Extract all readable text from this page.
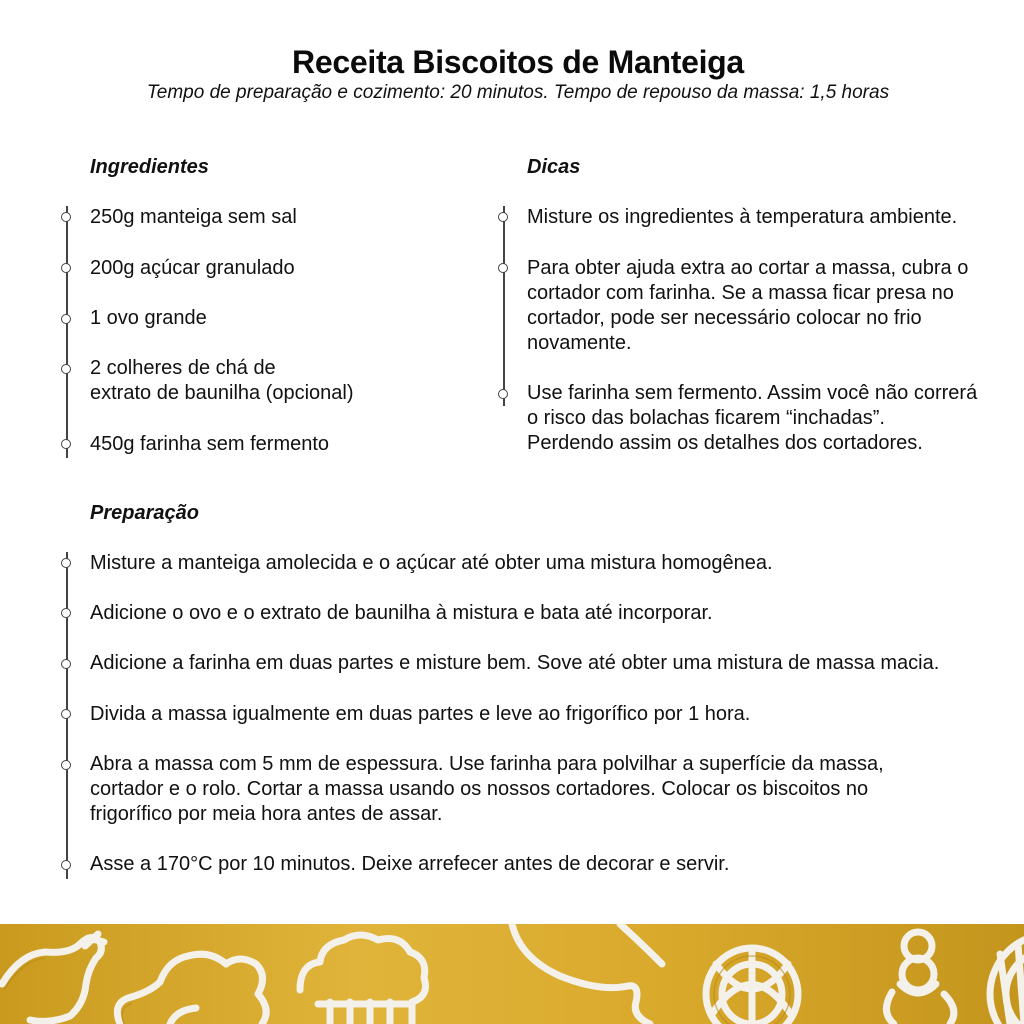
Receita Biscoitos de Manteiga
Tempo de preparação e cozimento: 20 minutos. Tempo de repouso da massa: 1,5 horas
Ingredientes
250g manteiga sem sal
200g açúcar granulado
1 ovo grande
2 colheres de chá de
extrato de baunilha (opcional)
450g farinha sem fermento
Dicas
Misture os ingredientes à temperatura ambiente.
Para obter ajuda extra ao cortar a massa, cubra o
cortador com farinha. Se a massa ficar presa no
cortador, pode ser necessário colocar no frio
novamente.
Use farinha sem fermento. Assim você não correrá
o risco das bolachas ficarem “inchadas”.
Perdendo assim os detalhes dos cortadores.
Preparação
Misture a manteiga amolecida e o açúcar até obter uma mistura homogênea.
Adicione o ovo e o extrato de baunilha à mistura e bata até incorporar.
Adicione a farinha em duas partes e misture bem. Sove até obter uma mistura de massa macia.
Divida a massa igualmente em duas partes e leve ao frigorífico por 1 hora.
Abra a massa com 5 mm de espessura. Use farinha para polvilhar a superfície da massa,
cortador e o rolo. Cortar a massa usando os nossos cortadores. Colocar os biscoitos no
frigorífico por meia hora antes de assar.
Asse a 170°C por 10 minutos. Deixe arrefecer antes de decorar e servir.
